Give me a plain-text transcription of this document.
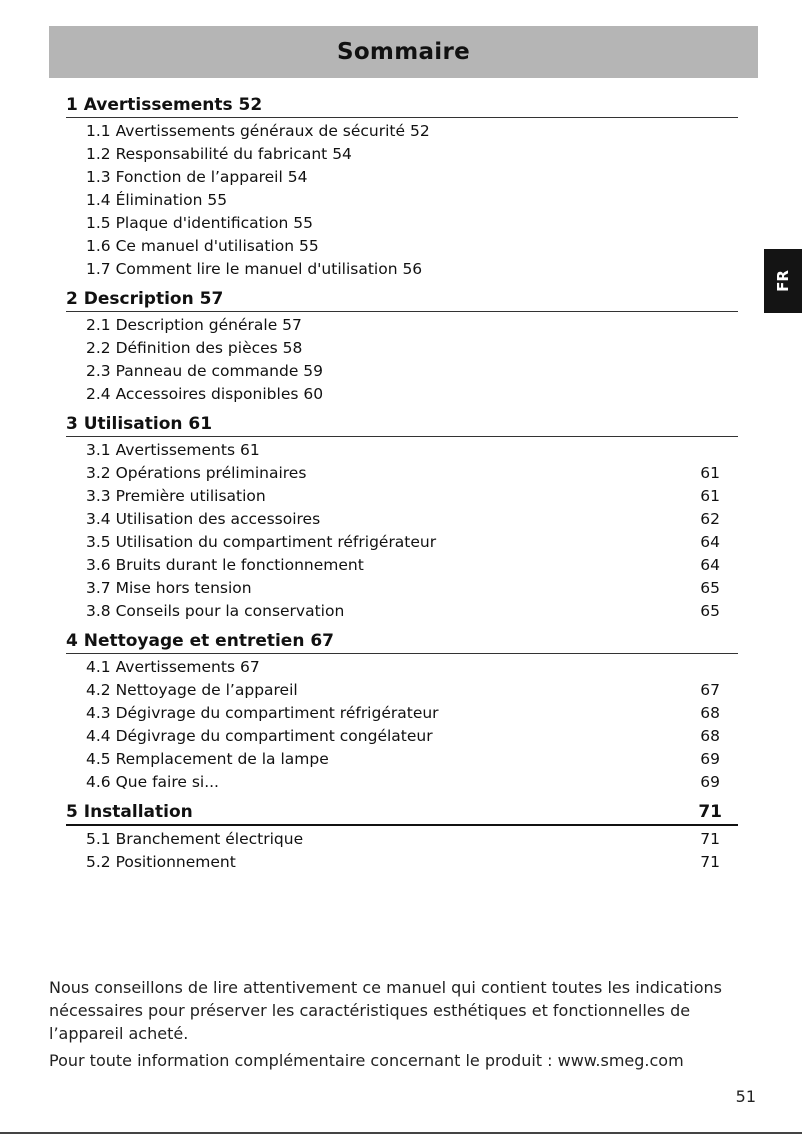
Sommaire
FR
1 Avertissements 52
1.1 Avertissements généraux de sécurité 52
1.2 Responsabilité du fabricant 54
1.3 Fonction de l’appareil 54
1.4 Élimination 55
1.5 Plaque d'identification 55
1.6 Ce manuel d'utilisation 55
1.7 Comment lire le manuel d'utilisation 56
2 Description 57
2.1 Description générale 57
2.2 Définition des pièces 58
2.3 Panneau de commande 59
2.4 Accessoires disponibles 60
3 Utilisation 61
3.1 Avertissements 61
3.2 Opérations préliminaires	61
3.3 Première utilisation	61
3.4 Utilisation des accessoires	62
3.5 Utilisation du compartiment réfrigérateur	64
3.6 Bruits durant le fonctionnement	64
3.7 Mise hors tension	65
3.8 Conseils pour la conservation	65
4 Nettoyage et entretien 67
4.1 Avertissements 67
4.2 Nettoyage de l’appareil	67
4.3 Dégivrage du compartiment réfrigérateur	68
4.4 Dégivrage du compartiment congélateur	68
4.5 Remplacement de la lampe	69
4.6 Que faire si...	69
5 Installation	71
5.1 Branchement électrique	71
5.2 Positionnement	71

Nous conseillons de lire attentivement ce manuel qui contient toutes les indications nécessaires pour préserver les caractéristiques esthétiques et fonctionnelles de l’appareil acheté.

Pour toute information complémentaire concernant le produit : www.smeg.com

51
